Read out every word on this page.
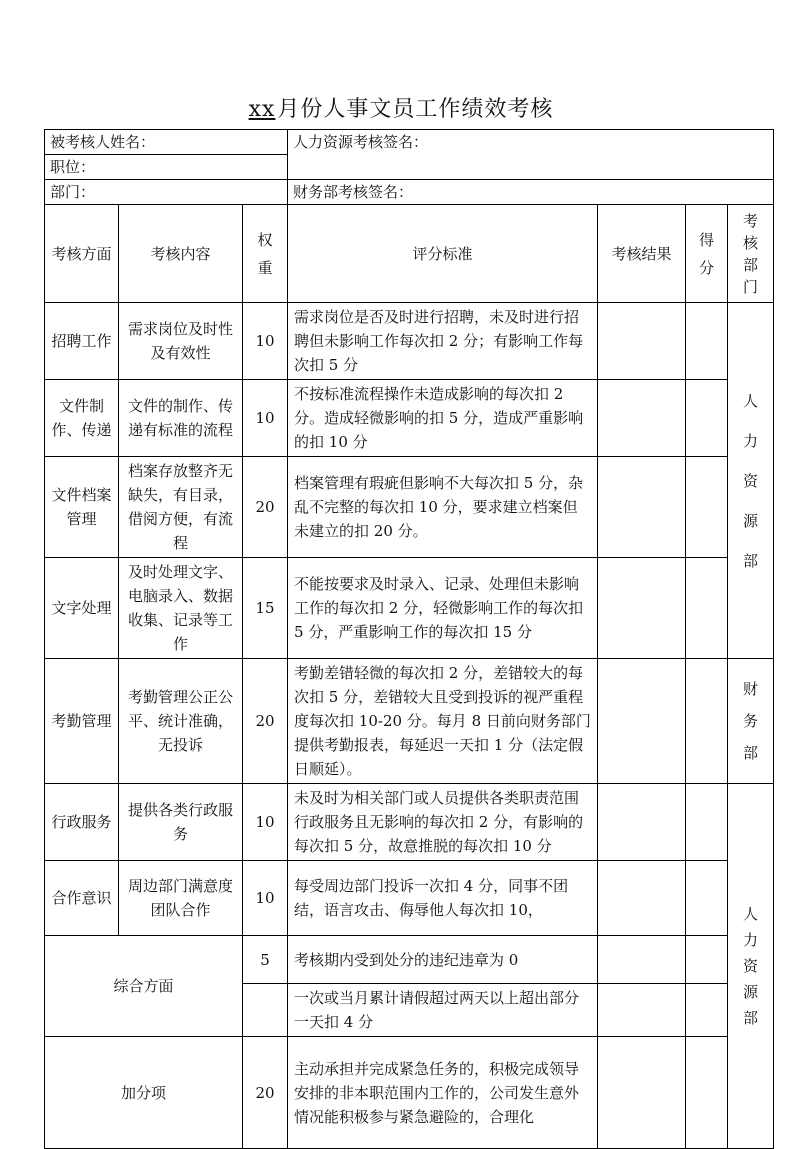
xx月份人事文员工作绩效考核
被考核人姓名：			人力资源考核签名：			
职位：						
部门：			财务部考核签名：			
考核方面	考核内容	权重	评分标准	考核结果	得分	考核部门
招聘工作	需求岗位及时性及有效性	10	需求岗位是否及时进行招聘，未及时进行招聘但未影响工作每次扣 2 分；有影响工作每次扣 5 分			人力资源部
文件制作、传递	文件的制作、传递有标准的流程	10	不按标准流程操作未造成影响的每次扣 2 分。造成轻微影响的扣 5 分，造成严重影响的扣 10 分			
文件档案管理	档案存放整齐无缺失，有目录，借阅方便，有流程	20	档案管理有瑕疵但影响不大每次扣 5 分，杂乱不完整的每次扣 10 分，要求建立档案但未建立的扣 20 分。			
文字处理	及时处理文字、电脑录入、数据收集、记录等工作	15	不能按要求及时录入、记录、处理但未影响工作的每次扣 2 分，轻微影响工作的每次扣 5 分，严重影响工作的每次扣 15 分			
考勤管理	考勤管理公正公平、统计准确，无投诉	20	考勤差错轻微的每次扣 2 分，差错较大的每次扣 5 分，差错较大且受到投诉的视严重程度每次扣 10-20 分。每月 8 日前向财务部门提供考勤报表，每延迟一天扣 1 分（法定假日顺延）。			财务部
行政服务	提供各类行政服务	10	未及时为相关部门或人员提供各类职责范围行政服务且无影响的每次扣 2 分，有影响的每次扣 5 分，故意推脱的每次扣 10 分			人力资源部
合作意识	周边部门满意度团队合作	10	每受周边部门投诉一次扣 4 分，同事不团结，语言攻击、侮辱他人每次扣 10，			
综合方面		5	考核期内受到处分的违纪违章为 0			
			一次或当月累计请假超过两天以上超出部分一天扣 4 分			
加分项		20	主动承担并完成紧急任务的，积极完成领导安排的非本职范围内工作的，公司发生意外情况能积极参与紧急避险的，合理化			
